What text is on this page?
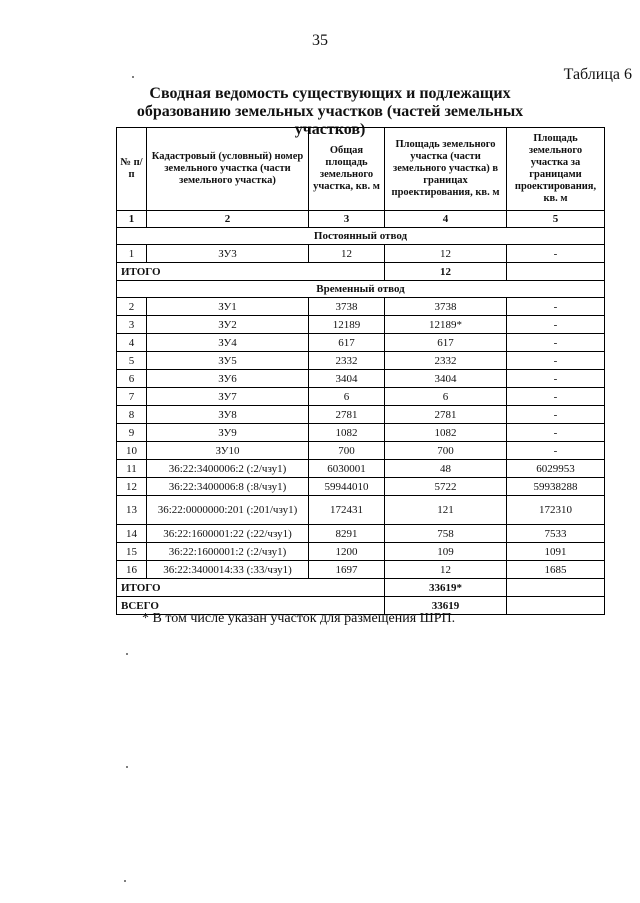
35
Таблица 6
Сводная ведомость существующих и подлежащих образованию земельных участков (частей земельных участков)
№ п/п	Кадастровый (условный) номер земельного участка (части земельного участка)	Общая площадь земельного участка, кв. м	Площадь земельного участка (части земельного участка) в границах проектирования, кв. м	Площадь земельного участка за границами проектирования, кв. м
1	2	3	4	5
Постоянный отвод				
1	ЗУ3	12	12	-
ИТОГО			12	
Временный отвод				
2	ЗУ1	3738	3738	-
3	ЗУ2	12189	12189*	-
4	ЗУ4	617	617	-
5	ЗУ5	2332	2332	-
6	ЗУ6	3404	3404	-
7	ЗУ7	6	6	-
8	ЗУ8	2781	2781	-
9	ЗУ9	1082	1082	-
10	ЗУ10	700	700	-
11	36:22:3400006:2 (:2/чзу1)	6030001	48	6029953
12	36:22:3400006:8 (:8/чзу1)	59944010	5722	59938288
13	36:22:0000000:201 (:201/чзу1)	172431	121	172310
14	36:22:1600001:22 (:22/чзу1)	8291	758	7533
15	36:22:1600001:2 (:2/чзу1)	1200	109	1091
16	36:22:3400014:33 (:33/чзу1)	1697	12	1685
ИТОГО			33619*	
ВСЕГО			33619	
* В том числе указан участок для размещения ШРП.
